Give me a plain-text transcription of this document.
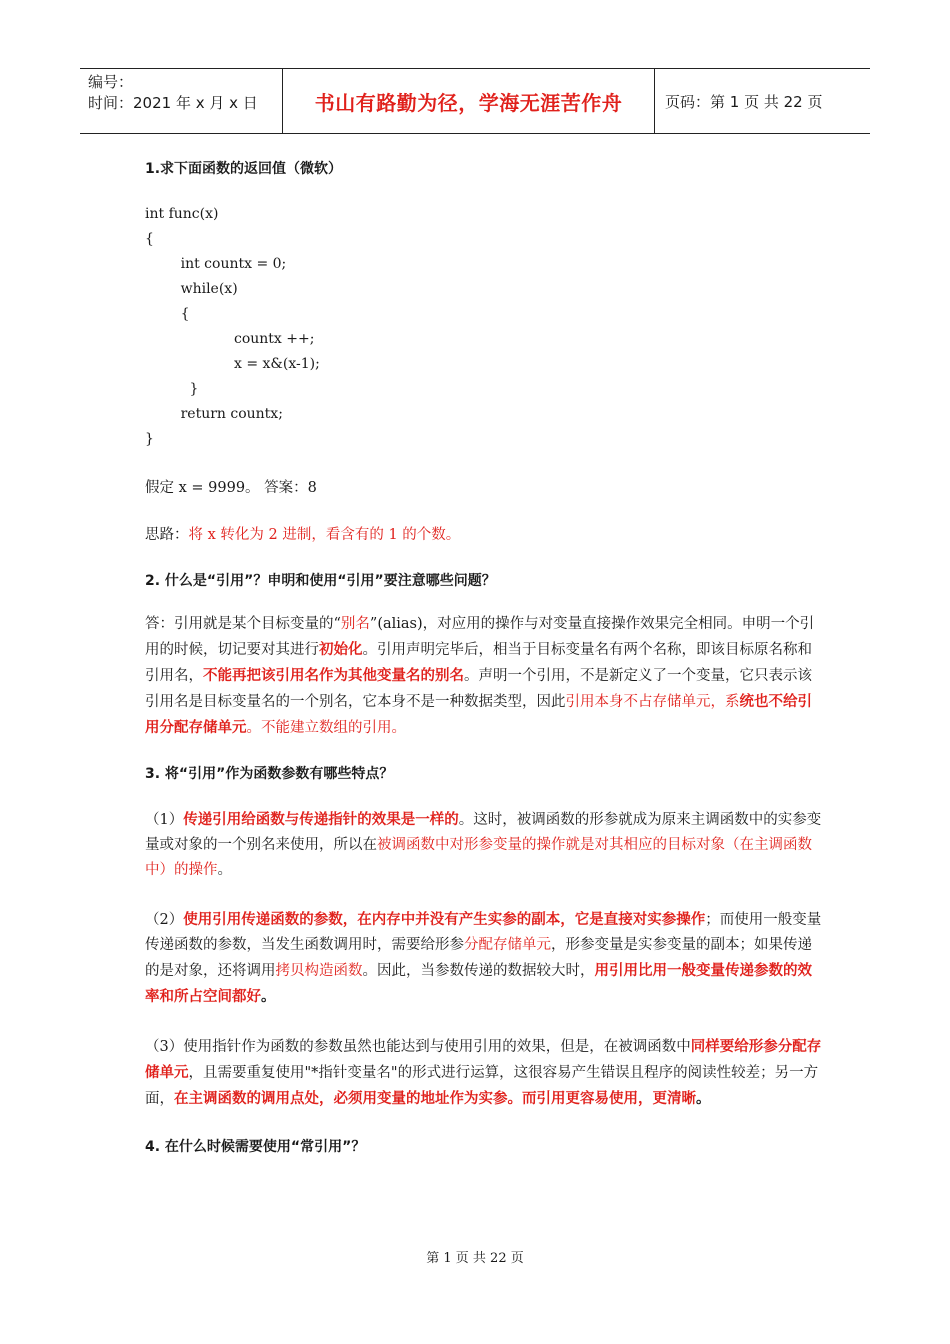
编号：
时间：2021 年 x 月 x 日	书山有路勤为径，学海无涯苦作舟	页码：第 1 页 共 22 页

1.求下面函数的返回值（微软）

int func(x)

{

int countx = 0;

while(x)

{

countx ++;

x = x&(x-1);

}

return countx;

}

假定 x = 9999。 答案：8

思路：将 x 转化为 2 进制，看含有的 1 的个数。

2. 什么是“引用”？申明和使用“引用”要注意哪些问题？

答：引用就是某个目标变量的“别名”(alias)，对应用的操作与对变量直接操作效果完全相同。申明一个引用的时候，切记要对其进行初始化。引用声明完毕后，相当于目标变量名有两个名称，即该目标原名称和引用名，不能再把该引用名作为其他变量名的别名。声明一个引用，不是新定义了一个变量，它只表示该引用名是目标变量名的一个别名，它本身不是一种数据类型，因此引用本身不占存储单元，系统也不给引用分配存储单元。不能建立数组的引用。

3. 将“引用”作为函数参数有哪些特点？

（1）传递引用给函数与传递指针的效果是一样的。这时，被调函数的形参就成为原来主调函数中的实参变量或对象的一个别名来使用，所以在被调函数中对形参变量的操作就是对其相应的目标对象（在主调函数中）的操作。

（2）使用引用传递函数的参数，在内存中并没有产生实参的副本，它是直接对实参操作；而使用一般变量传递函数的参数，当发生函数调用时，需要给形参分配存储单元，形参变量是实参变量的副本；如果传递的是对象，还将调用拷贝构造函数。因此，当参数传递的数据较大时，用引用比用一般变量传递参数的效率和所占空间都好。

（3）使用指针作为函数的参数虽然也能达到与使用引用的效果，但是，在被调函数中同样要给形参分配存储单元，且需要重复使用"*指针变量名"的形式进行运算，这很容易产生错误且程序的阅读性较差；另一方面，在主调函数的调用点处，必须用变量的地址作为实参。而引用更容易使用，更清晰。

4. 在什么时候需要使用“常引用”？

第 1 页 共 22 页
